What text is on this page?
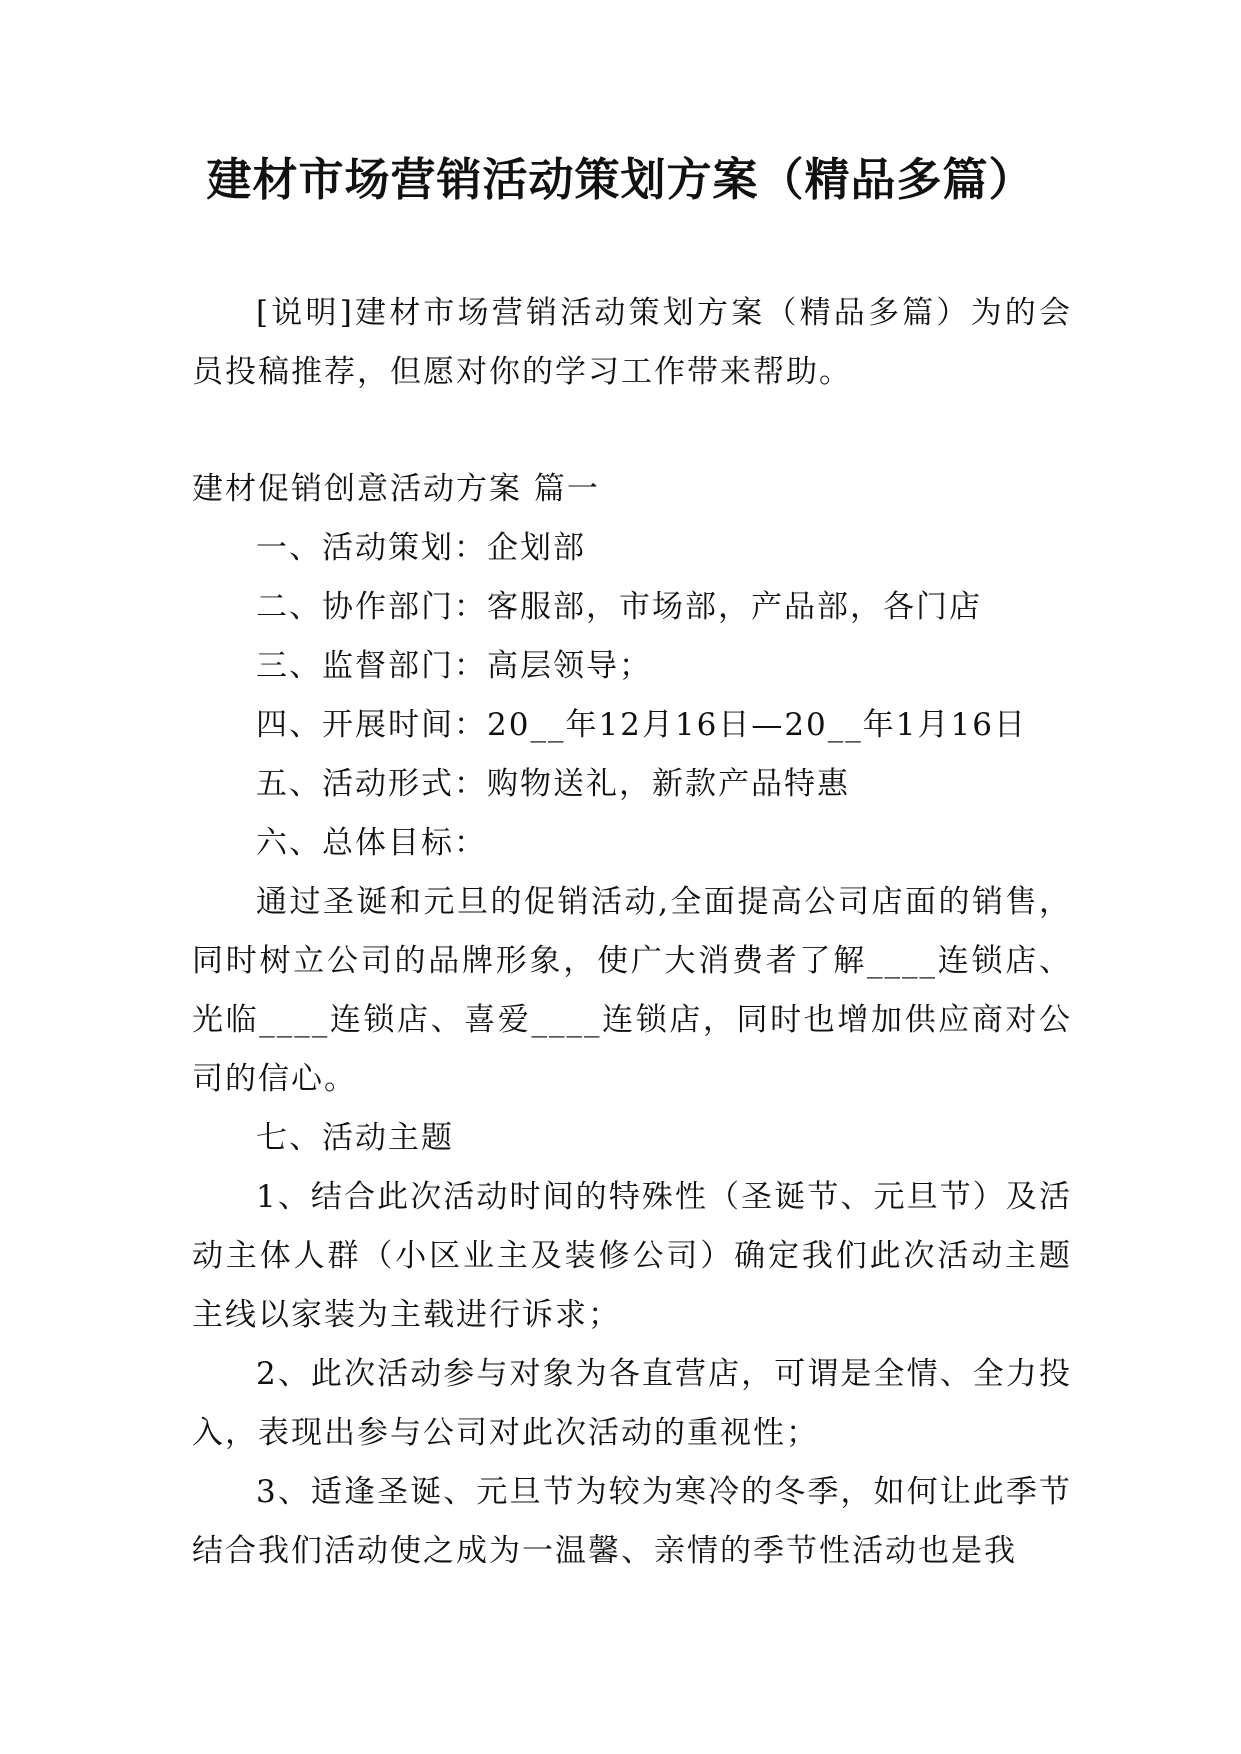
建材市场营销活动策划方案（精品多篇）

[说明]建材市场营销活动策划方案（精品多篇）为的会员投稿推荐，但愿对你的学习工作带来帮助。

建材促销创意活动方案 篇一

一、活动策划：企划部

二、协作部门：客服部，市场部，产品部，各门店

三、监督部门：高层领导；

四、开展时间：20__年12月16日—20__年1月16日

五、活动形式：购物送礼，新款产品特惠

六、总体目标：

通过圣诞和元旦的促销活动,全面提高公司店面的销售，同时树立公司的品牌形象，使广大消费者了解____连锁店、光临____连锁店、喜爱____连锁店，同时也增加供应商对公司的信心。

七、活动主题

1、结合此次活动时间的特殊性（圣诞节、元旦节）及活动主体人群（小区业主及装修公司）确定我们此次活动主题主线以家装为主载进行诉求；

2、此次活动参与对象为各直营店，可谓是全情、全力投入，表现出参与公司对此次活动的重视性；

3、适逢圣诞、元旦节为较为寒冷的冬季，如何让此季节结合我们活动使之成为一温馨、亲情的季节性活动也是我
